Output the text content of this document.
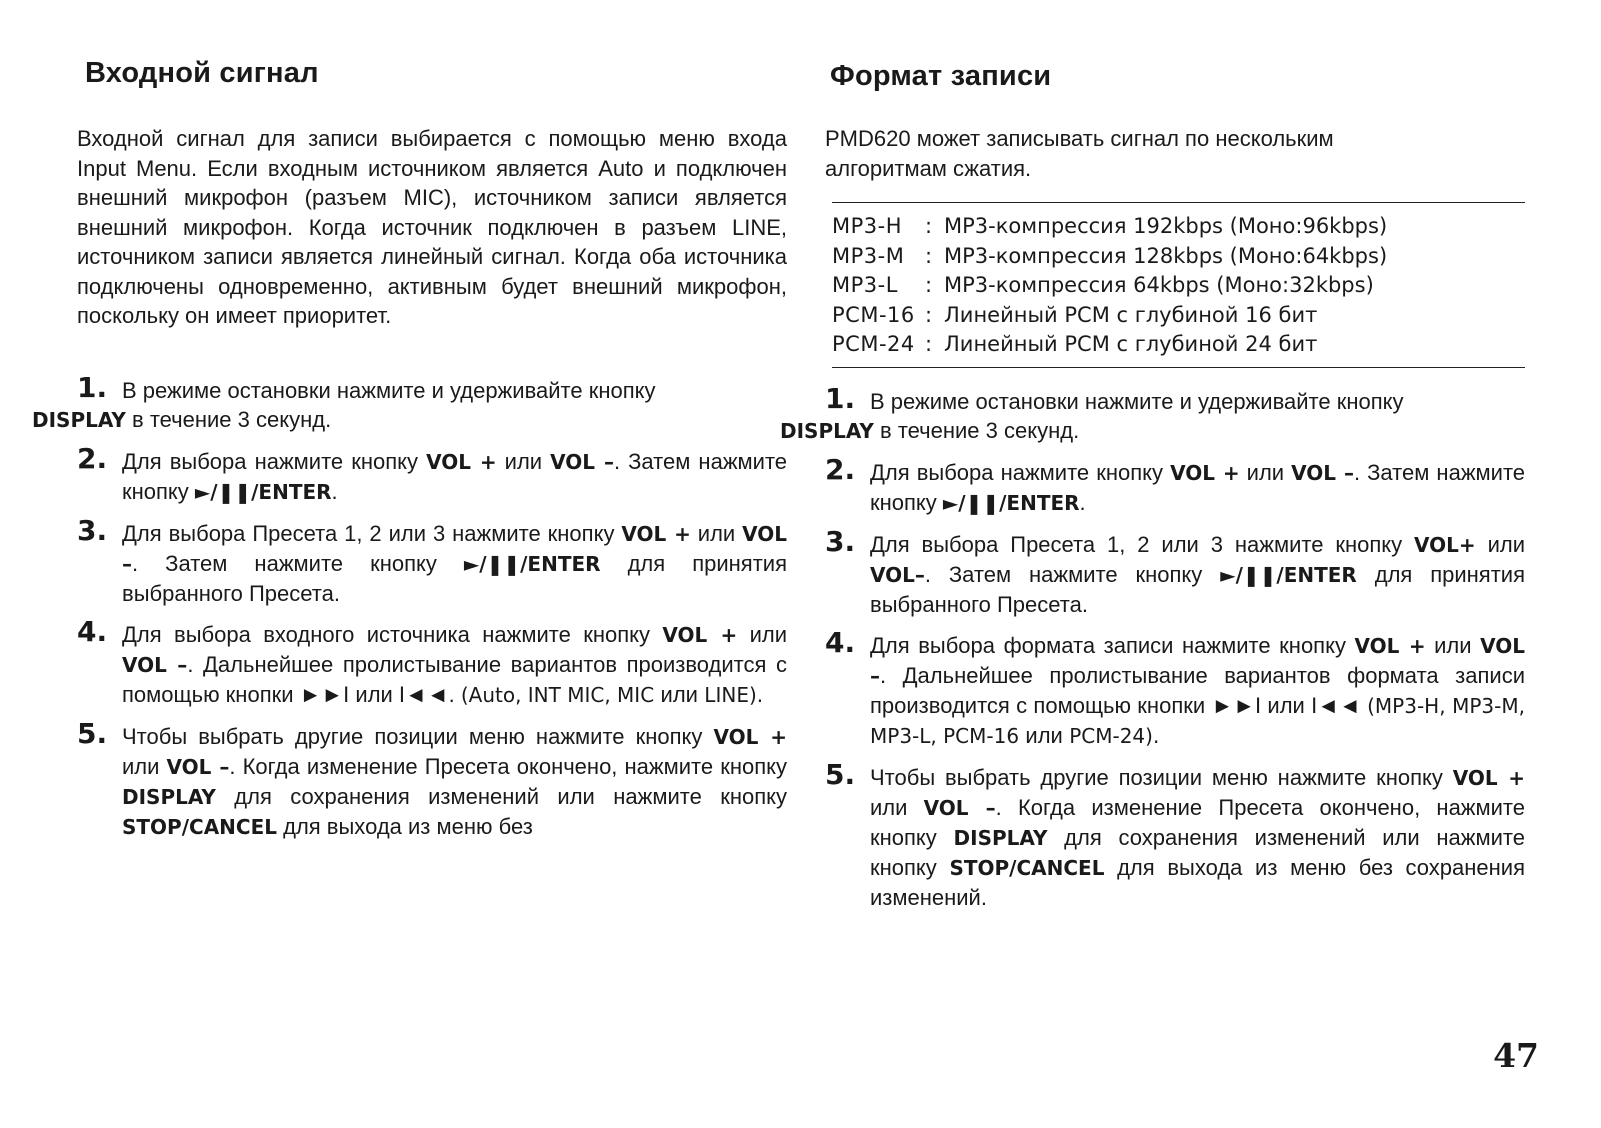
Входной сигнал

Входной сигнал для записи выбирается с помощью меню входа Input Menu. Если входным источником является Auto и подключен внешний микрофон (разъем MIC), источником записи является внешний микрофон. Когда источник подключен в разъем LINE, источником записи является линейный сигнал. Когда оба источника подключены одновременно, активным будет внешний микрофон, поскольку он имеет приоритет.

1. В режиме остановки нажмите и удерживайте кнопку
DISPLAY в течение 3 секунд.
2. Для выбора нажмите кнопку VOL + или VOL –. Затем нажмите кнопку ►/❚❚/ENTER.
3. Для выбора Пресета 1, 2 или 3 нажмите кнопку VOL + или VOL –. Затем нажмите кнопку ►/❚❚/ENTER для принятия выбранного Пресета.
4. Для выбора входного источника нажмите кнопку VOL + или VOL –. Дальнейшее пролистывание вариантов производится с помощью кнопки ►►I или I◄◄. (Auto, INT MIC, MIC или LINE).
5. Чтобы выбрать другие позиции меню нажмите кнопку VOL + или VOL –. Когда изменение Пресета окончено, нажмите кнопку DISPLAY для сохранения изменений или нажмите кнопку STOP/CANCEL для выхода из меню без
Формат записи

PMD620 может записывать сигнал по нескольким алгоритмам сжатия.

MP3-H	: MP3-компрессия 192kbps (Моно:96kbps)
MP3-M : MP3-компрессия 128kbps (Моно:64kbps)
MP3-L	: MP3-компрессия 64kbps (Моно:32kbps)
PCM-16 : Линейный PCM с глубиной 16 бит
PCM-24 : Линейный PCM с глубиной 24 бит
1. В режиме остановки нажмите и удерживайте кнопку
DISPLAY в течение 3 секунд.
2. Для выбора нажмите кнопку VOL + или VOL –. Затем нажмите кнопку ►/❚❚/ENTER.
3. Для выбора Пресета 1, 2 или 3 нажмите кнопку VOL+ или VOL–. Затем нажмите кнопку ►/❚❚/ENTER для принятия выбранного Пресета.
4. Для выбора формата записи нажмите кнопку VOL + или VOL –. Дальнейшее пролистывание вариантов формата записи производится с помощью кнопки ►►I или I◄◄ (MP3-H, MP3-M, MP3-L, PCM-16 или PCM-24).
5. Чтобы выбрать другие позиции меню нажмите кнопку VOL + или VOL –. Когда изменение Пресета окончено, нажмите кнопку DISPLAY для сохранения изменений или нажмите кнопку STOP/CANCEL для выхода из меню без сохранения изменений.
47
